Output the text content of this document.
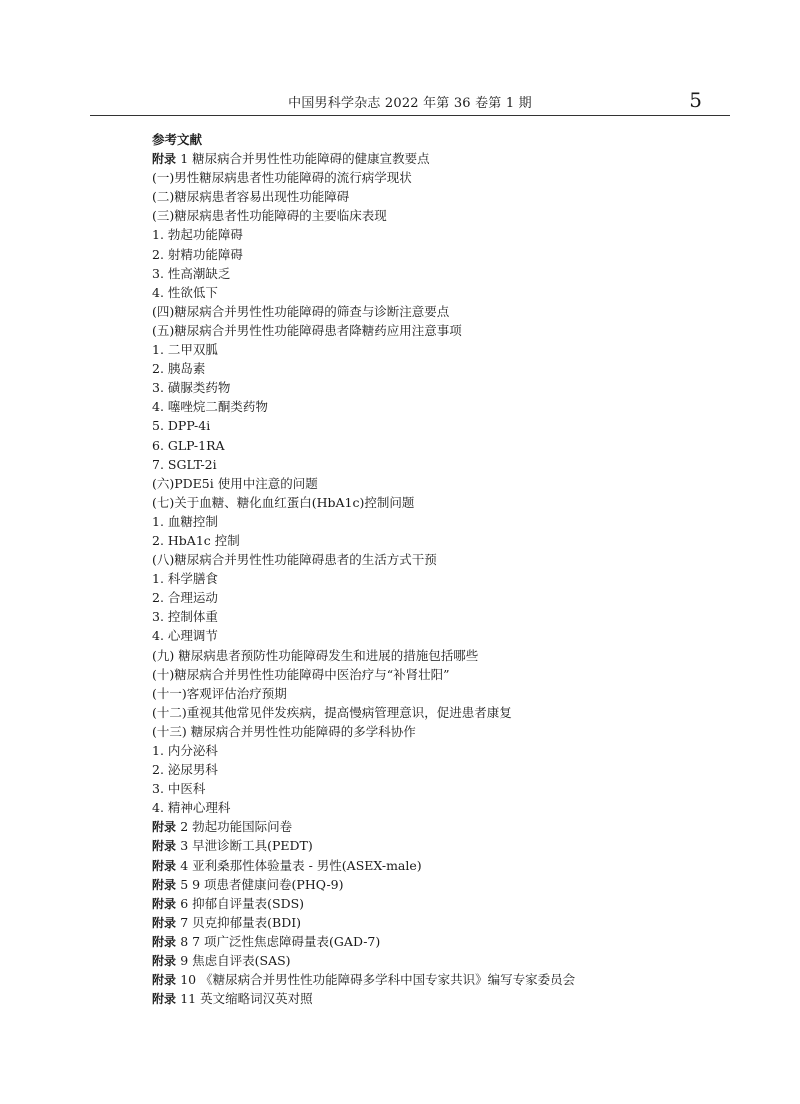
中国男科学杂志 2022 年第 36 卷第 1 期	5
参考文献
附录 1 糖尿病合并男性性功能障碍的健康宣教要点
(一)男性糖尿病患者性功能障碍的流行病学现状
(二)糖尿病患者容易出现性功能障碍
(三)糖尿病患者性功能障碍的主要临床表现
1. 勃起功能障碍
2. 射精功能障碍
3. 性高潮缺乏
4. 性欲低下
(四)糖尿病合并男性性功能障碍的筛查与诊断注意要点
(五)糖尿病合并男性性功能障碍患者降糖药应用注意事项
1. 二甲双胍
2. 胰岛素
3. 磺脲类药物
4. 噻唑烷二酮类药物
5. DPP-4i
6. GLP-1RA
7. SGLT-2i
(六)PDE5i 使用中注意的问题
(七)关于血糖、糖化血红蛋白(HbA1c)控制问题
1. 血糖控制
2. HbA1c 控制
(八)糖尿病合并男性性功能障碍患者的生活方式干预
1. 科学膳食
2. 合理运动
3. 控制体重
4. 心理调节
(九) 糖尿病患者预防性功能障碍发生和进展的措施包括哪些
(十)糖尿病合并男性性功能障碍中医治疗与“补肾壮阳”
(十一)客观评估治疗预期
(十二)重视其他常见伴发疾病，提高慢病管理意识，促进患者康复
(十三) 糖尿病合并男性性功能障碍的多学科协作
1. 内分泌科
2. 泌尿男科
3. 中医科
4. 精神心理科
附录 2 勃起功能国际问卷
附录 3 早泄诊断工具(PEDT)
附录 4 亚利桑那性体验量表 - 男性(ASEX-male)
附录 5 9 项患者健康问卷(PHQ-9)
附录 6 抑郁自评量表(SDS)
附录 7 贝克抑郁量表(BDI)
附录 8 7 项广泛性焦虑障碍量表(GAD-7)
附录 9 焦虑自评表(SAS)
附录 10 《糖尿病合并男性性功能障碍多学科中国专家共识》编写专家委员会
附录 11 英文缩略词汉英对照
